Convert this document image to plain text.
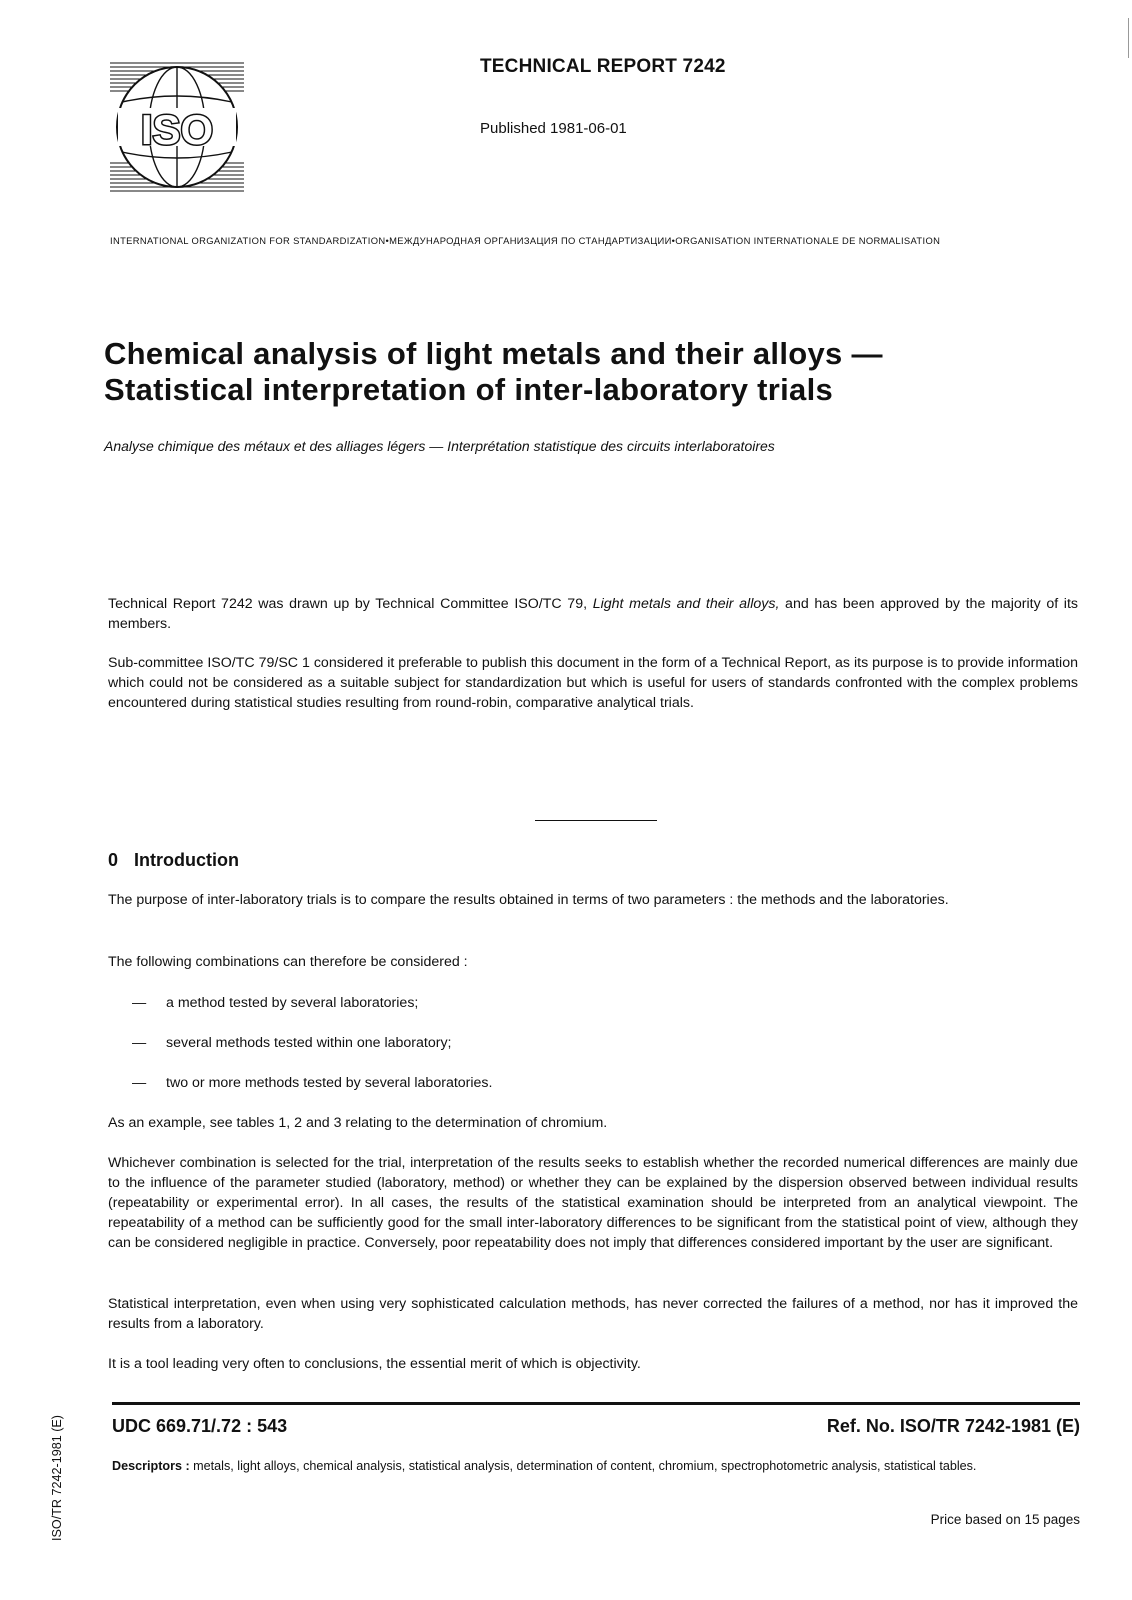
ISO
TECHNICAL REPORT 7242
Published 1981-06-01
INTERNATIONAL ORGANIZATION FOR STANDARDIZATION•МЕЖДУНАРОДНАЯ ОРГАНИЗАЦИЯ ПО СТАНДАРТИЗАЦИИ•ORGANISATION INTERNATIONALE DE NORMALISATION
Chemical analysis of light metals and their alloys —
Statistical interpretation of inter-laboratory trials
Analyse chimique des métaux et des alliages légers — Interprétation statistique des circuits interlaboratoires
Technical Report 7242 was drawn up by Technical Committee ISO/TC 79, Light metals and their alloys, and has been approved by the majority of its members.
Sub-committee ISO/TC 79/SC 1 considered it preferable to publish this document in the form of a Technical Report, as its purpose is to provide information which could not be considered as a suitable subject for standardization but which is useful for users of standards confronted with the complex problems encountered during statistical studies resulting from round-robin, comparative analytical trials.
0 Introduction
The purpose of inter-laboratory trials is to compare the results obtained in terms of two parameters : the methods and the laboratories.
The following combinations can therefore be considered :
— a method tested by several laboratories;
— several methods tested within one laboratory;
— two or more methods tested by several laboratories.
As an example, see tables 1, 2 and 3 relating to the determination of chromium.
Whichever combination is selected for the trial, interpretation of the results seeks to establish whether the recorded numerical differences are mainly due to the influence of the parameter studied (laboratory, method) or whether they can be explained by the dispersion observed between individual results (repeatability or experimental error). In all cases, the results of the statistical examination should be interpreted from an analytical viewpoint. The repeatability of a method can be sufficiently good for the small inter-laboratory differences to be significant from the statistical point of view, although they can be considered negligible in practice. Conversely, poor repeatability does not imply that differences considered important by the user are significant.
Statistical interpretation, even when using very sophisticated calculation methods, has never corrected the failures of a method, nor has it improved the results from a laboratory.
It is a tool leading very often to conclusions, the essential merit of which is objectivity.
UDC 669.71/.72 : 543	Ref. No. ISO/TR 7242-1981 (E)
Descriptors : metals, light alloys, chemical analysis, statistical analysis, determination of content, chromium, spectrophotometric analysis, statistical tables.
Price based on 15 pages
ISO/TR 7242-1981 (E)
